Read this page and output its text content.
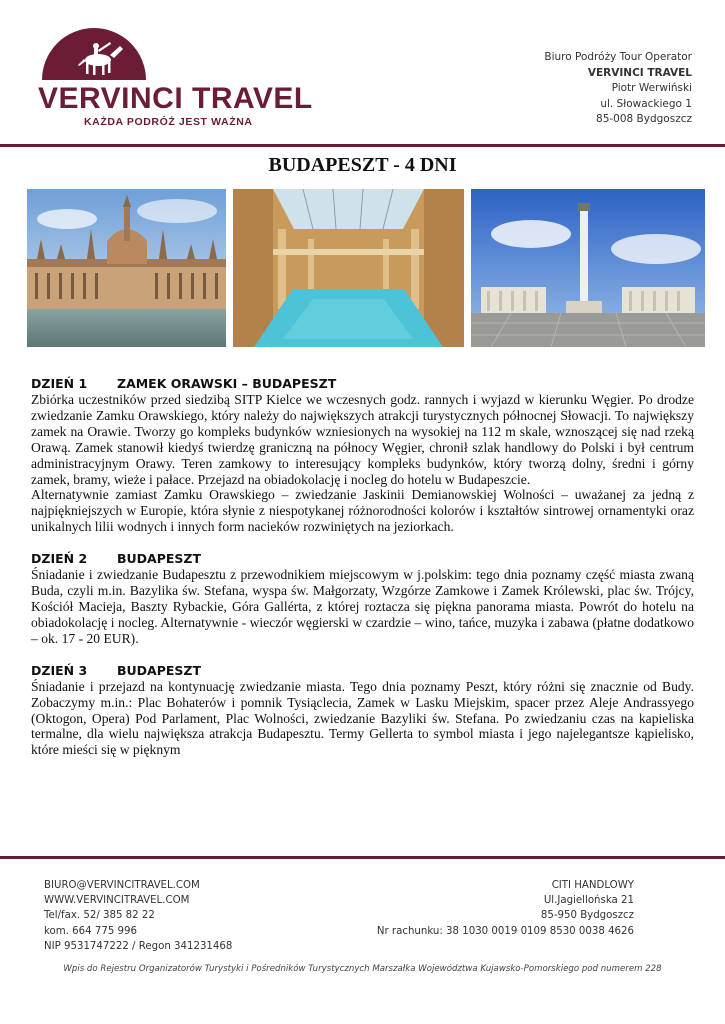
VERVINCI TRAVEL
KAŻDA PODRÓŻ JEST WAŻNA
Biuro Podróży Tour Operator
VERVINCI TRAVEL
Piotr Werwiński
ul. Słowackiego 1
85-008 Bydgoszcz
BUDAPESZT - 4 DNI

DZIEŃ 1 ZAMEK ORAWSKI – BUDAPESZT

Zbiórka uczestników przed siedzibą SITP Kielce we wczesnych godz. rannych i wyjazd w kierunku Węgier. Po drodze zwiedzanie Zamku Orawskiego, który należy do największych atrakcji turystycznych północnej Słowacji. To największy zamek na Orawie. Tworzy go kompleks budynków wzniesionych na wysokiej na 112 m skale, wznoszącej się nad rzeką Orawą. Zamek stanowił kiedyś twierdzę graniczną na północy Węgier, chronił szlak handlowy do Polski i był centrum administracyjnym Orawy. Teren zamkowy to interesujący kompleks budynków, który tworzą dolny, średni i górny zamek, bramy, wieże i pałace. Przejazd na obiadokolację i nocleg do hotelu w Budapeszcie.

Alternatywnie zamiast Zamku Orawskiego – zwiedzanie Jaskinii Demianowskiej Wolności – uważanej za jedną z najpiękniejszych w Europie, która słynie z niespotykanej różnorodności kolorów i kształtów sintrowej ornamentyki oraz unikalnych lilii wodnych i innych form nacieków rozwiniętych na jeziorkach.

DZIEŃ 2 BUDAPESZT

Śniadanie i zwiedzanie Budapesztu z przewodnikiem miejscowym w j.polskim: tego dnia poznamy część miasta zwaną Buda, czyli m.in. Bazylika św. Stefana, wyspa św. Małgorzaty, Wzgórze Zamkowe i Zamek Królewski, plac św. Trójcy, Kościół Macieja, Baszty Rybackie, Góra Gallérta, z której roztacza się piękna panorama miasta. Powrót do hotelu na obiadokolację i nocleg. Alternatywnie - wieczór węgierski w czardzie – wino, tańce, muzyka i zabawa (płatne dodatkowo – ok. 17 - 20 EUR).

DZIEŃ 3 BUDAPESZT

Śniadanie i przejazd na kontynuację zwiedzanie miasta. Tego dnia poznamy Peszt, który różni się znacznie od Budy. Zobaczymy m.in.: Plac Bohaterów i pomnik Tysiąclecia, Zamek w Lasku Miejskim, spacer przez Aleje Andrassyego (Oktogon, Opera) Pod Parlament, Plac Wolności, zwiedzanie Bazyliki św. Stefana. Po zwiedzaniu czas na kapieliska termalne, dla wielu największa atrakcja Budapesztu. Termy Gellerta to symbol miasta i jego najelegantsze kąpielisko, które mieści się w pięknym

BIURO@VERVINCITRAVEL.COM
WWW.VERVINCITRAVEL.COM
Tel/fax. 52/ 385 82 22
kom. 664 775 996
NIP 9531747222 / Regon 341231468
CITI HANDLOWY
Ul.Jagiellońska 21
85-950 Bydgoszcz
Nr rachunku: 38 1030 0019 0109 8530 0038 4626
Wpis do Rejestru Organizatorów Turystyki i Pośredników Turystycznych Marszałka Województwa Kujawsko-Pomorskiego pod numerem 228
